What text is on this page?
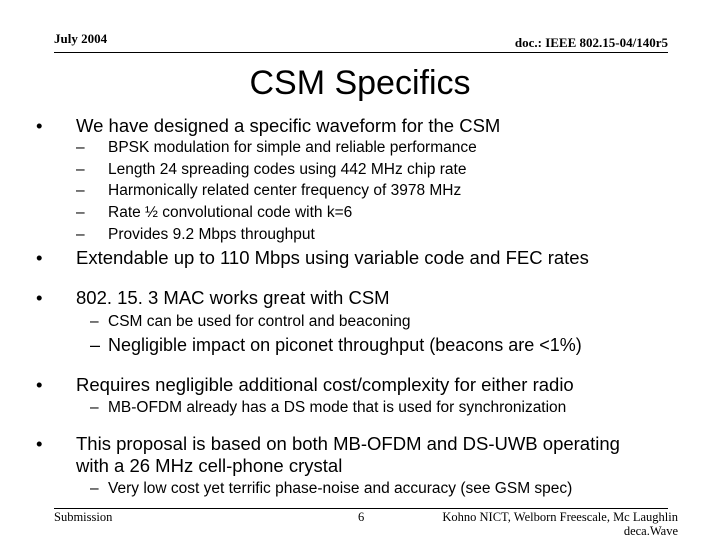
July 2004	doc.: IEEE 802.15-04/140r5
CSM Specifics
• We have designed a specific waveform for the CSM
– BPSK modulation for simple and reliable performance
– Length 24 spreading codes using 442 MHz chip rate
– Harmonically related center frequency of 3978 MHz
– Rate ½ convolutional code with k=6
– Provides 9.2 Mbps throughput
• Extendable up to 110 Mbps using variable code and FEC rates
• 802. 15. 3 MAC works great with CSM
– CSM can be used for control and beaconing
– Negligible impact on piconet throughput (beacons are <1%)
• Requires negligible additional cost/complexity for either radio
– MB-OFDM already has a DS mode that is used for synchronization
• This proposal is based on both MB-OFDM and DS-UWB operating
with a 26 MHz cell-phone crystal
– Very low cost yet terrific phase-noise and accuracy (see GSM spec)
Submission	6	Kohno NICT, Welborn Freescale, Mc Laughlin
deca.Wave
